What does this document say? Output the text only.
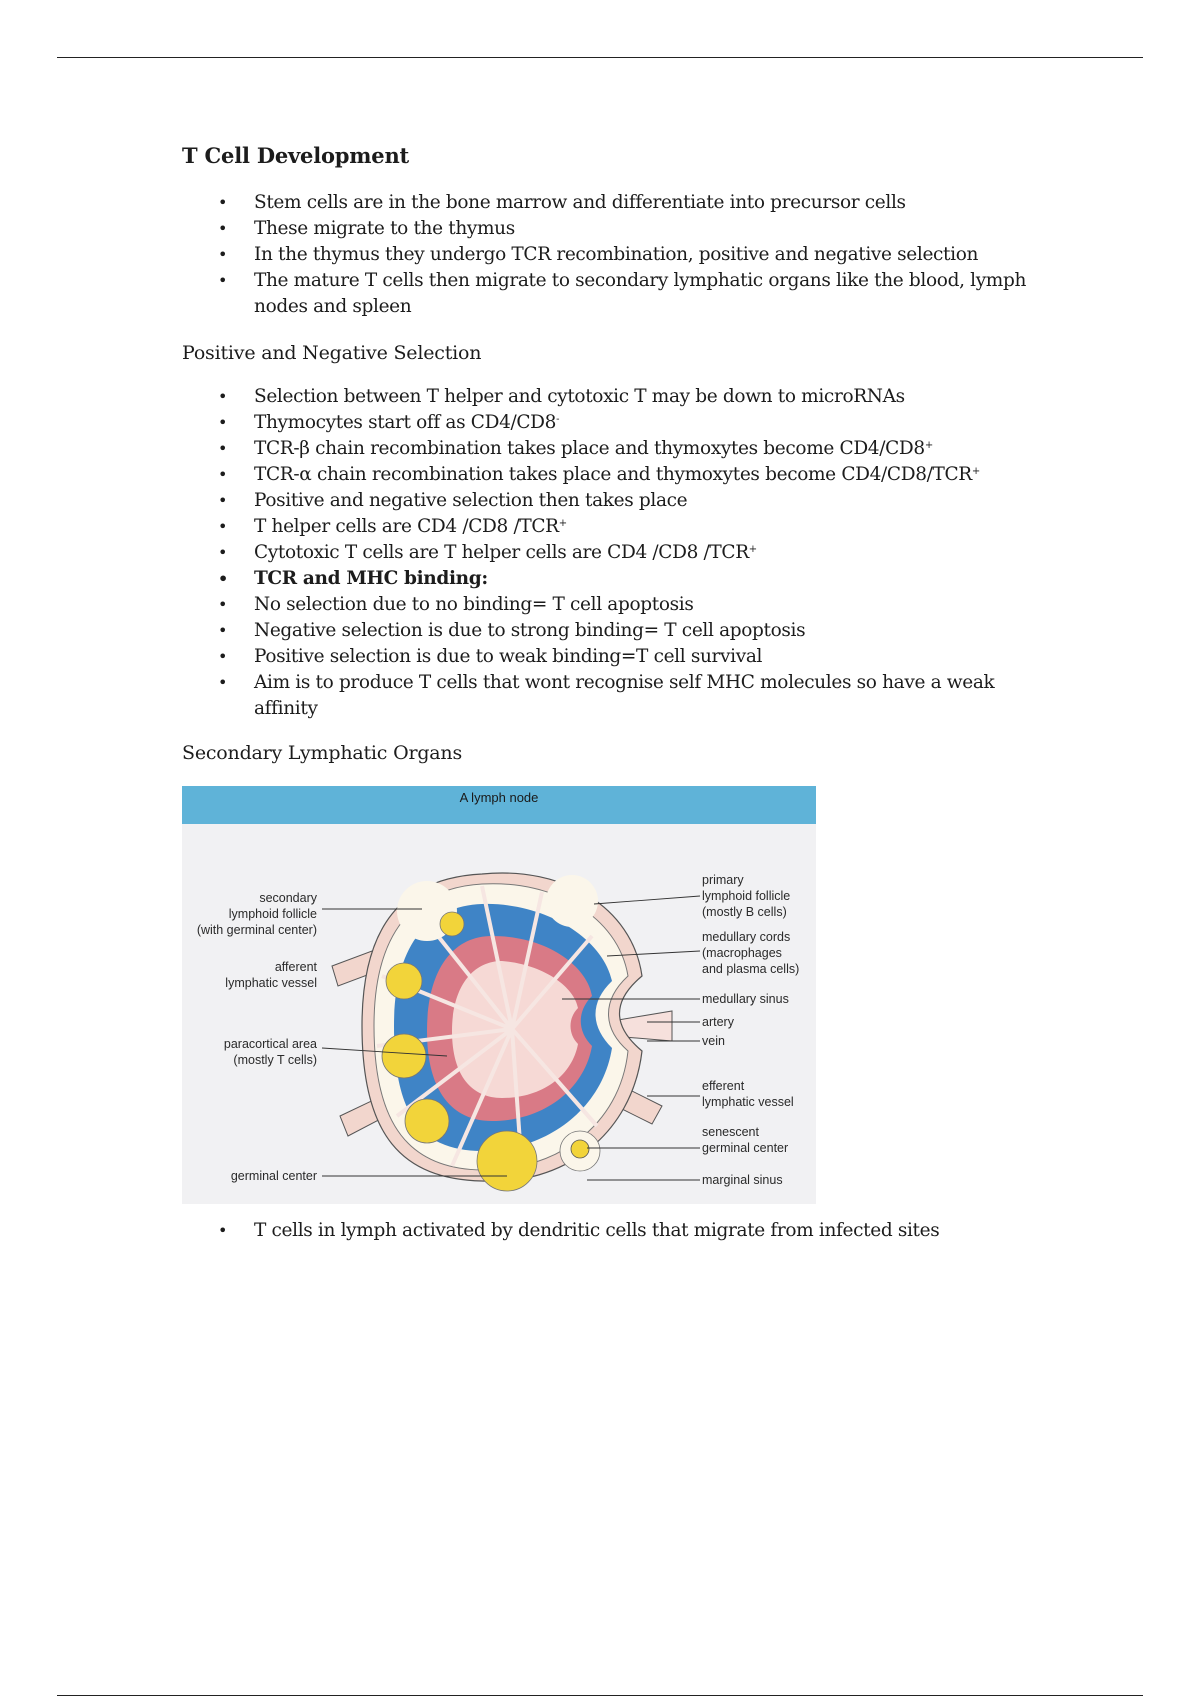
T Cell Development
• Stem cells are in the bone marrow and differentiate into precursor cells
• These migrate to the thymus
• In the thymus they undergo TCR recombination, positive and negative selection
• The mature T cells then migrate to secondary lymphatic organs like the blood, lymph nodes and spleen
Positive and Negative Selection
• Selection between T helper and cytotoxic T may be down to microRNAs
• Thymocytes start off as CD4/CD8-
• TCR-β chain recombination takes place and thymoxytes become CD4/CD8+
• TCR-α chain recombination takes place and thymoxytes become CD4/CD8/TCR+
• Positive and negative selection then takes place
• T helper cells are CD4 /CD8 /TCR+
• Cytotoxic T cells are T helper cells are CD4 /CD8 /TCR+
• TCR and MHC binding:
• No selection due to no binding= T cell apoptosis
• Negative selection is due to strong binding= T cell apoptosis
• Positive selection is due to weak binding=T cell survival
• Aim is to produce T cells that wont recognise self MHC molecules so have a weak affinity
Secondary Lymphatic Organs
A lymph node
secondary
lymphoid follicle
(with germinal center)
afferent
lymphatic vessel
paracortical area
(mostly T cells)
germinal center
primary
lymphoid follicle
(mostly B cells)
medullary cords
(macrophages
and plasma cells)
medullary sinus
artery
vein
efferent
lymphatic vessel
senescent
germinal center
marginal sinus
• T cells in lymph activated by dendritic cells that migrate from infected sites
